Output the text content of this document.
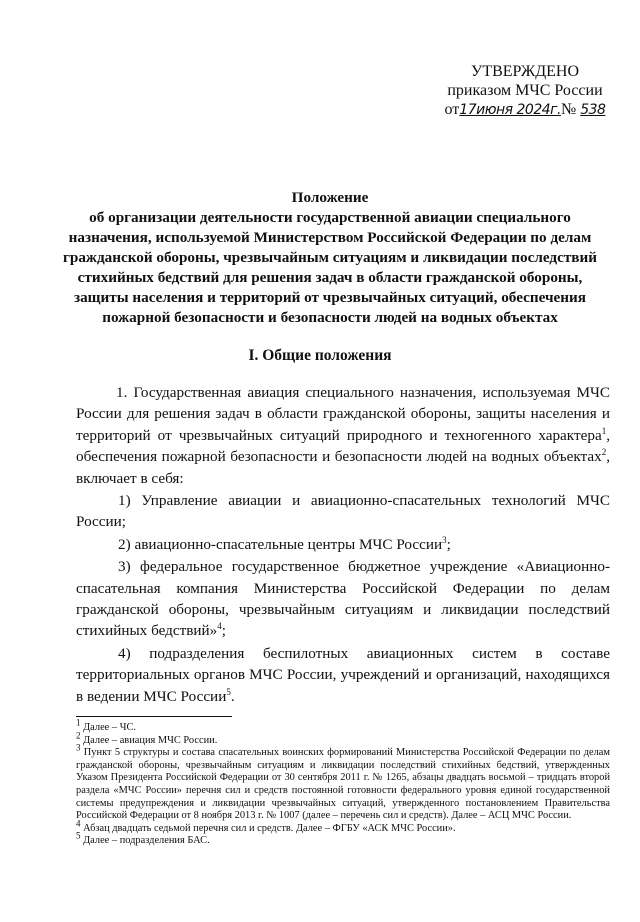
УТВЕРЖДЕНО
приказом МЧС России
от17июня 2024г.№ 538
Положение
об организации деятельности государственной авиации специального назначения, используемой Министерством Российской Федерации по делам гражданской обороны, чрезвычайным ситуациям и ликвидации последствий стихийных бедствий для решения задач в области гражданской обороны, защиты населения и территорий от чрезвычайных ситуаций, обеспечения пожарной безопасности и безопасности людей на водных объектах
I. Общие положения

1. Государственная авиация специального назначения, используемая МЧС России для решения задач в области гражданской обороны, защиты населения и территорий от чрезвычайных ситуаций природного и техногенного характера$^1$, обеспечения пожарной безопасности и безопасности людей на водных объектах$^2$, включает в себя:

1) Управление авиации и авиационно-спасательных технологий МЧС России;

2) авиационно-спасательные центры МЧС России$^3$;

3) федеральное государственное бюджетное учреждение «Авиационно-спасательная компания Министерства Российской Федерации по делам гражданской обороны, чрезвычайным ситуациям и ликвидации последствий стихийных бедствий»$^4$;

4) подразделения беспилотных авиационных систем в составе территориальных органов МЧС России, учреждений и организаций, находящихся в ведении МЧС России$^5$.

$^1$ Далее – ЧС.

$^2$ Далее – авиация МЧС России.

$^3$ Пункт 5 структуры и состава спасательных воинских формирований Министерства Российской Федерации по делам гражданской обороны, чрезвычайным ситуациям и ликвидации последствий стихийных бедствий, утвержденных Указом Президента Российской Федерации от 30 сентября 2011 г. № 1265, абзацы двадцать восьмой – тридцать второй раздела «МЧС России» перечня сил и средств постоянной готовности федерального уровня единой государственной системы предупреждения и ликвидации чрезвычайных ситуаций, утвержденного постановлением Правительства Российской Федерации от 8 ноября 2013 г. № 1007 (далее – перечень сил и средств). Далее – АСЦ МЧС России.

$^4$ Абзац двадцать седьмой перечня сил и средств. Далее – ФГБУ «АСК МЧС России».

$^5$ Далее – подразделения БАС.
